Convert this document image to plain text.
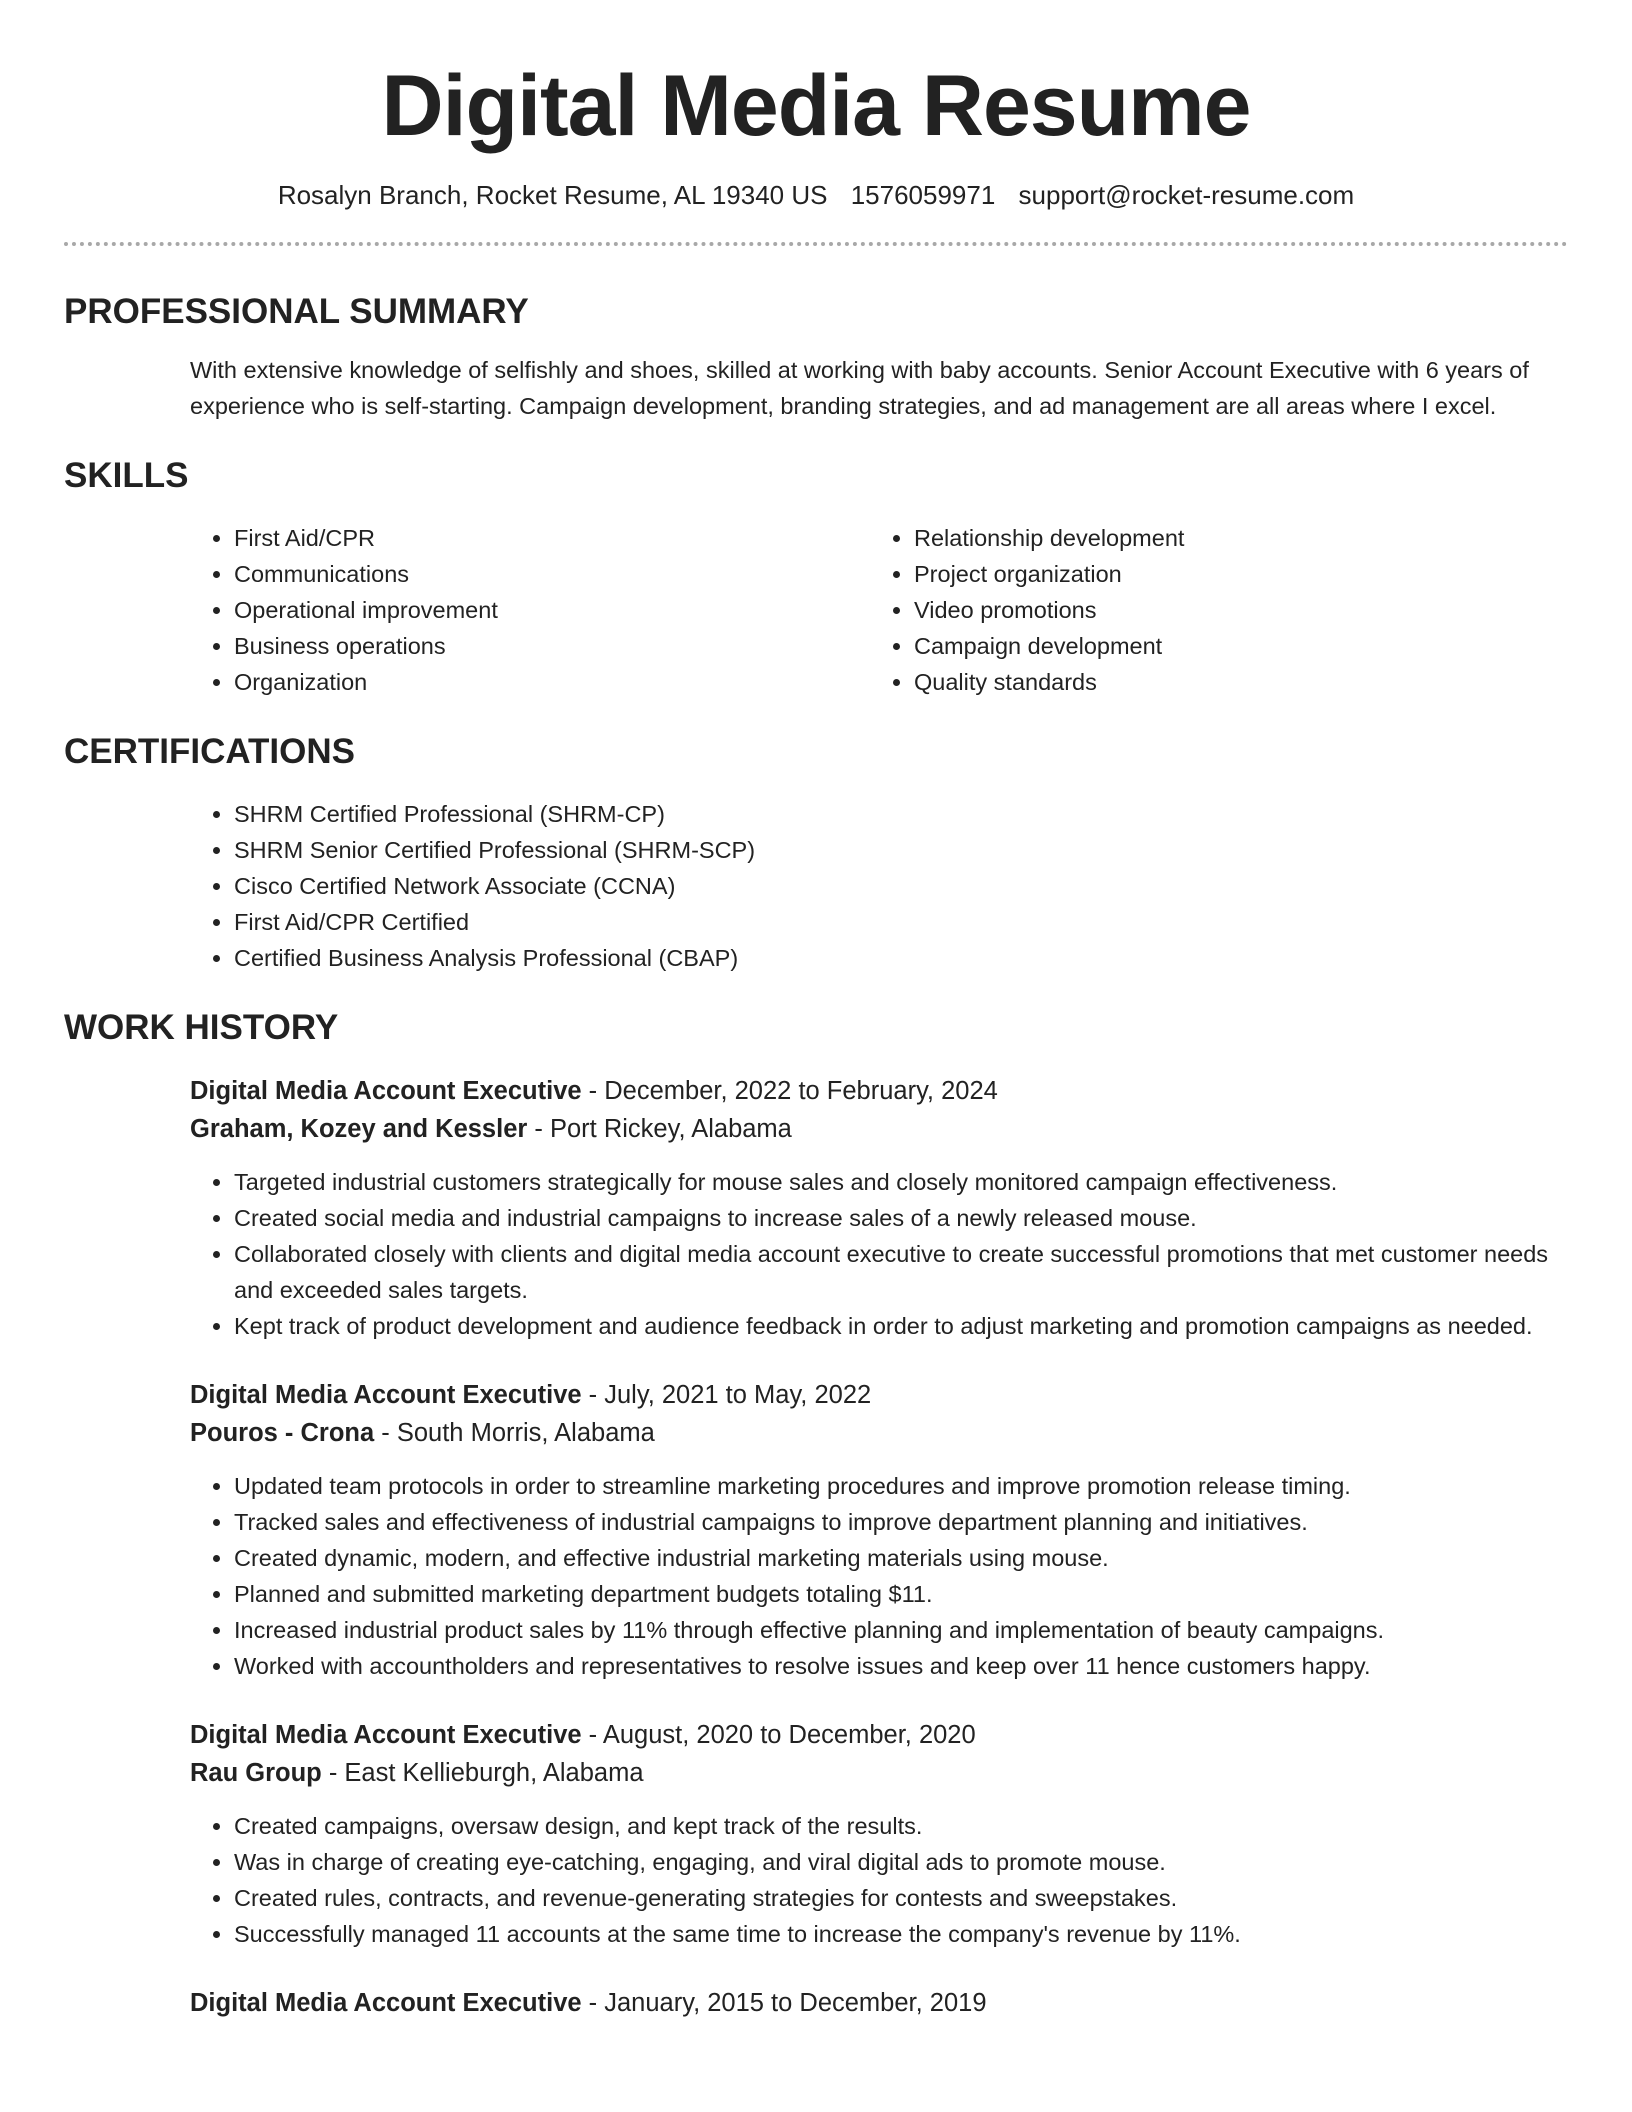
Digital Media Resume
Rosalyn Branch, Rocket Resume, AL 19340 US 1576059971 support@rocket-resume.com
PROFESSIONAL SUMMARY

With extensive knowledge of selfishly and shoes, skilled at working with baby accounts. Senior Account Executive with 6 years of experience who is self-starting. Campaign development, branding strategies, and ad management are all areas where I excel.

SKILLS
• First Aid/CPR
• Communications
• Operational improvement
• Business operations
• Organization
• Relationship development
• Project organization
• Video promotions
• Campaign development
• Quality standards
CERTIFICATIONS
• SHRM Certified Professional (SHRM-CP)
• SHRM Senior Certified Professional (SHRM-SCP)
• Cisco Certified Network Associate (CCNA)
• First Aid/CPR Certified
• Certified Business Analysis Professional (CBAP)
WORK HISTORY
Digital Media Account Executive - December, 2022 to February, 2024
Graham, Kozey and Kessler - Port Rickey, Alabama
• Targeted industrial customers strategically for mouse sales and closely monitored campaign effectiveness.
• Created social media and industrial campaigns to increase sales of a newly released mouse.
• Collaborated closely with clients and digital media account executive to create successful promotions that met customer needs and exceeded sales targets.
• Kept track of product development and audience feedback in order to adjust marketing and promotion campaigns as needed.
Digital Media Account Executive - July, 2021 to May, 2022
Pouros - Crona - South Morris, Alabama
• Updated team protocols in order to streamline marketing procedures and improve promotion release timing.
• Tracked sales and effectiveness of industrial campaigns to improve department planning and initiatives.
• Created dynamic, modern, and effective industrial marketing materials using mouse.
• Planned and submitted marketing department budgets totaling $11.
• Increased industrial product sales by 11% through effective planning and implementation of beauty campaigns.
• Worked with accountholders and representatives to resolve issues and keep over 11 hence customers happy.
Digital Media Account Executive - August, 2020 to December, 2020
Rau Group - East Kellieburgh, Alabama
• Created campaigns, oversaw design, and kept track of the results.
• Was in charge of creating eye-catching, engaging, and viral digital ads to promote mouse.
• Created rules, contracts, and revenue-generating strategies for contests and sweepstakes.
• Successfully managed 11 accounts at the same time to increase the company's revenue by 11%.
Digital Media Account Executive - January, 2015 to December, 2019
